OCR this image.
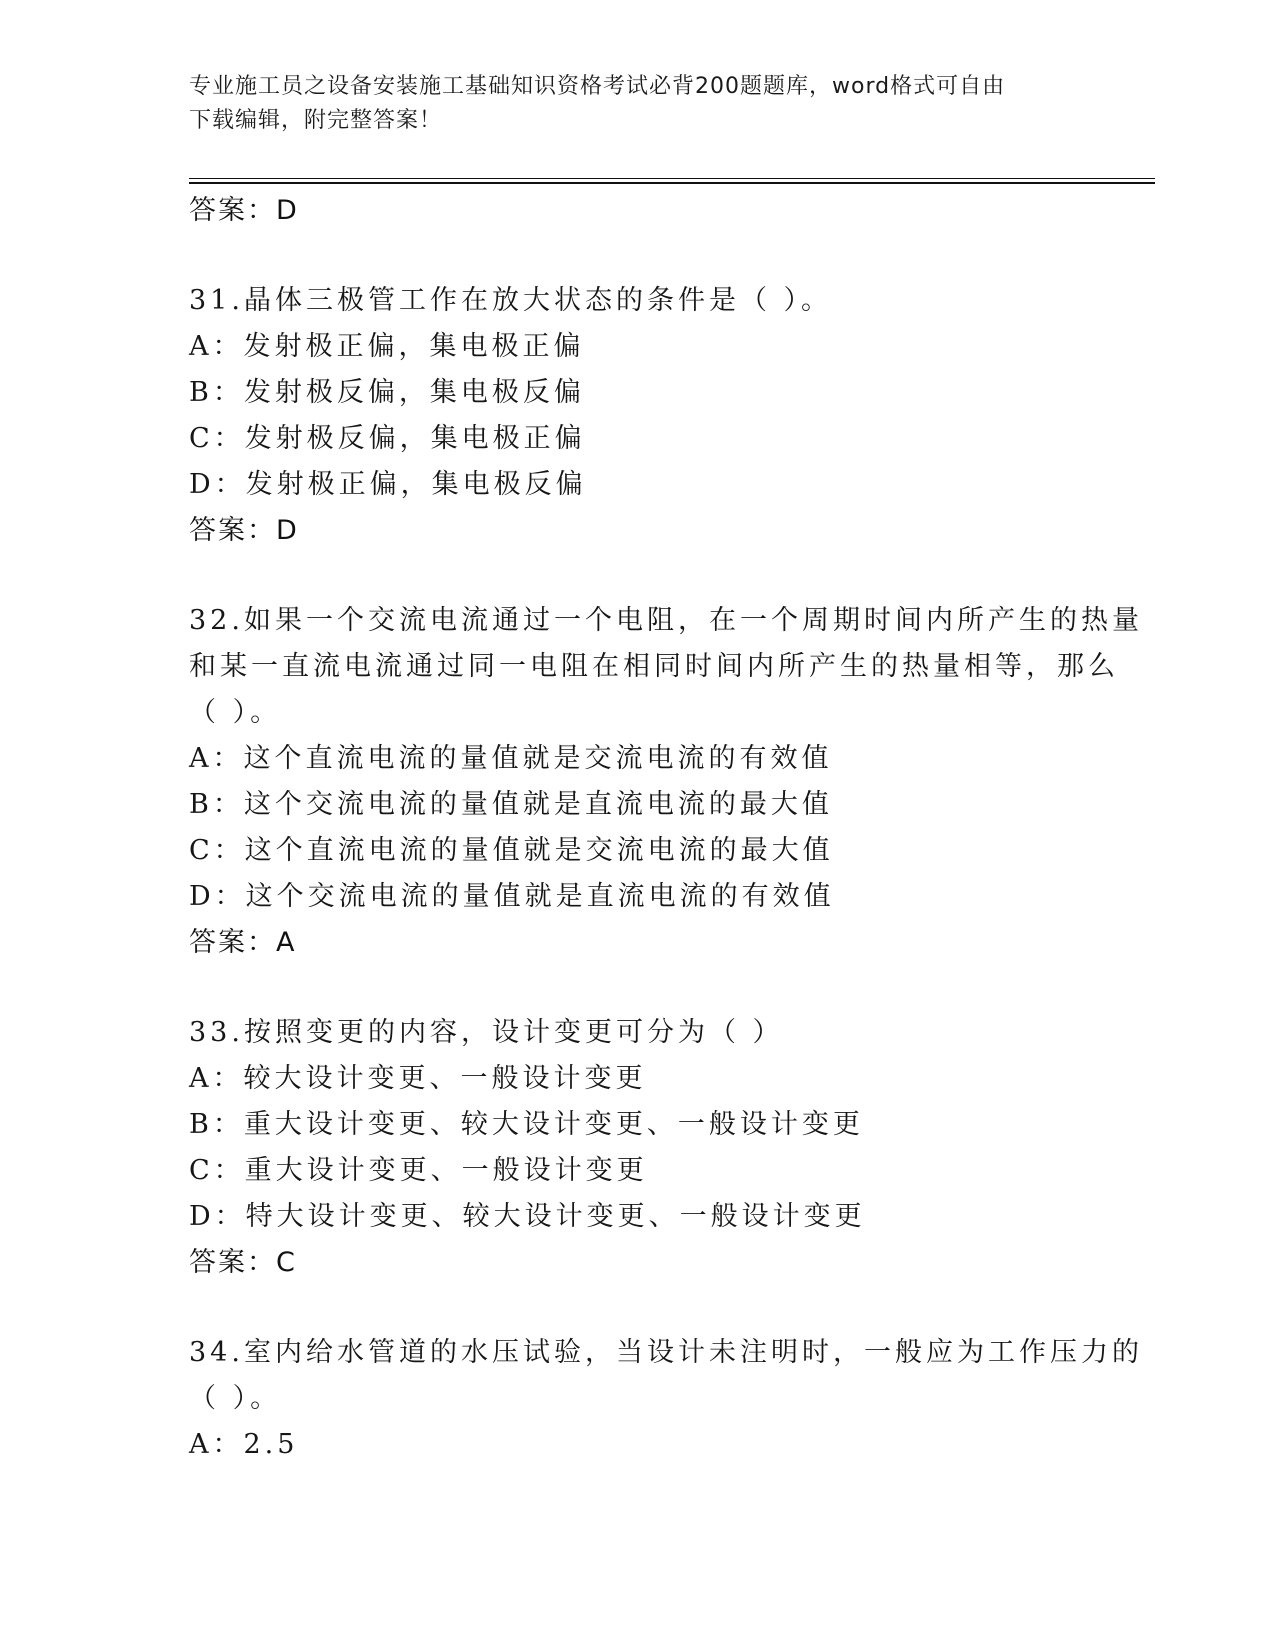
专业施工员之设备安装施工基础知识资格考试必背200题题库，word格式可自由
下载编辑，附完整答案！
答案：D
31.晶体三极管工作在放大状态的条件是（ ）。
A：发射极正偏，集电极正偏
B：发射极反偏，集电极反偏
C：发射极反偏，集电极正偏
D：发射极正偏，集电极反偏
答案：D
32.如果一个交流电流通过一个电阻，在一个周期时间内所产生的热量
和某一直流电流通过同一电阻在相同时间内所产生的热量相等，那么
（ ）。
A：这个直流电流的量值就是交流电流的有效值
B：这个交流电流的量值就是直流电流的最大值
C：这个直流电流的量值就是交流电流的最大值
D：这个交流电流的量值就是直流电流的有效值
答案：A
33.按照变更的内容，设计变更可分为（ ）
A：较大设计变更、一般设计变更
B：重大设计变更、较大设计变更、一般设计变更
C：重大设计变更、一般设计变更
D：特大设计变更、较大设计变更、一般设计变更
答案：C
34.室内给水管道的水压试验，当设计未注明时，一般应为工作压力的
（ ）。
A：2.5
